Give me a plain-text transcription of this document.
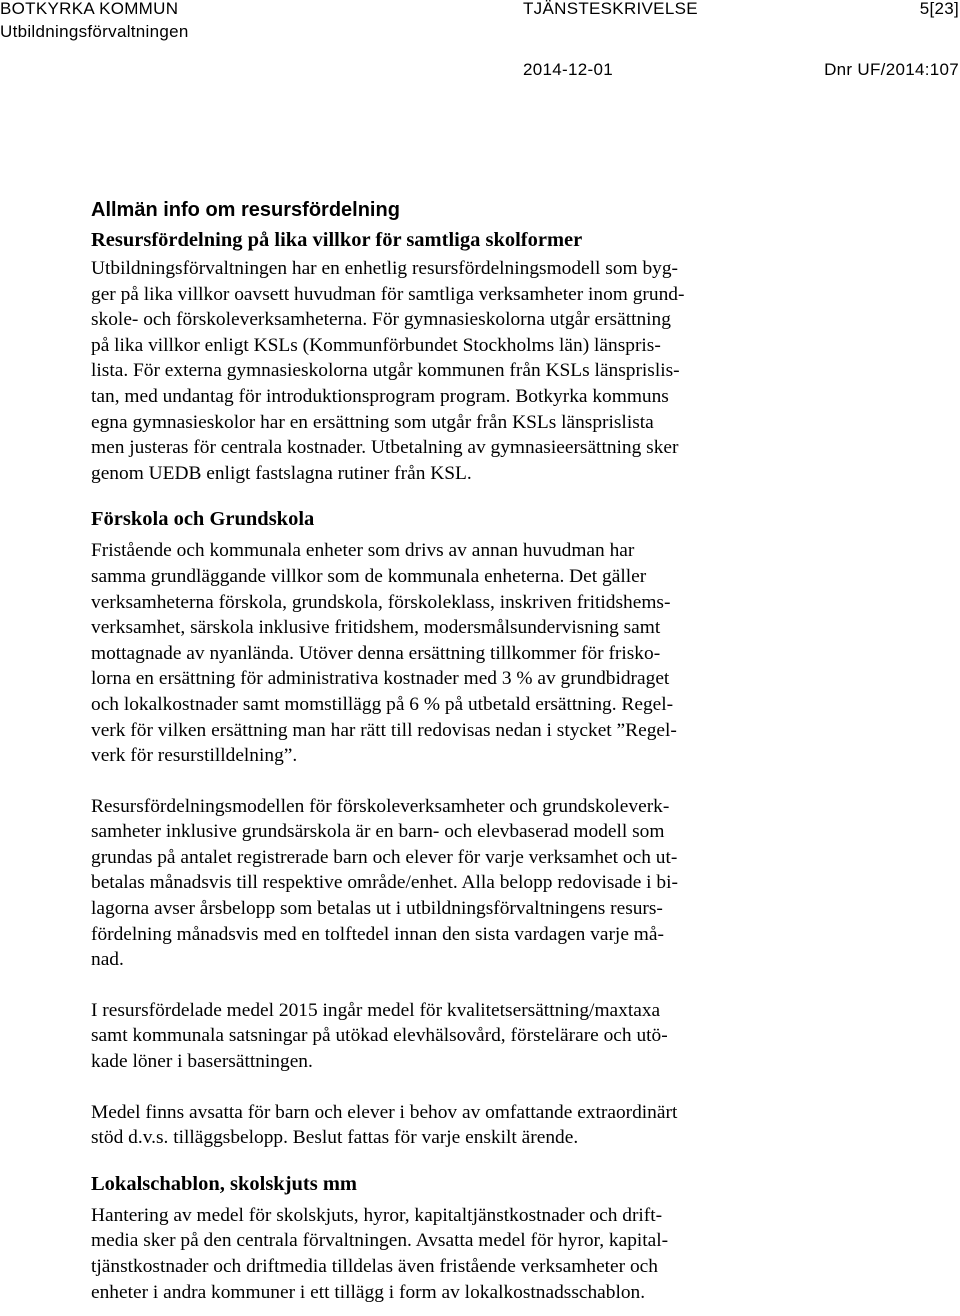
BOTKYRKA KOMMUN
Utbildningsförvaltningen
TJÄNSTESKRIVELSE	5[23]
2014-12-01	Dnr UF/2014:107
Allmän info om resursfördelning
Resursfördelning på lika villkor för samtliga skolformer

Utbildningsförvaltningen har en enhetlig resursfördelningsmodell som byg-
ger på lika villkor oavsett huvudman för samtliga verksamheter inom grund-
skole- och förskoleverksamheterna. För gymnasieskolorna utgår ersättning
på lika villkor enligt KSLs (Kommunförbundet Stockholms län) länspris-
lista. För externa gymnasieskolorna utgår kommunen från KSLs länsprislis-
tan, med undantag för introduktionsprogram program. Botkyrka kommuns
egna gymnasieskolor har en ersättning som utgår från KSLs länsprislista
men justeras för centrala kostnader. Utbetalning av gymnasieersättning sker
genom UEDB enligt fastslagna rutiner från KSL.

Förskola och Grundskola

Fristående och kommunala enheter som drivs av annan huvudman har
samma grundläggande villkor som de kommunala enheterna. Det gäller
verksamheterna förskola, grundskola, förskoleklass, inskriven fritidshems-
verksamhet, särskola inklusive fritidshem, modersmålsundervisning samt
mottagnade av nyanlända. Utöver denna ersättning tillkommer för frisko-
lorna en ersättning för administrativa kostnader med 3 % av grundbidraget
och lokalkostnader samt momstillägg på 6 % på utbetald ersättning. Regel-
verk för vilken ersättning man har rätt till redovisas nedan i stycket ”Regel-
verk för resurstilldelning”.

Resursfördelningsmodellen för förskoleverksamheter och grundskoleverk-
samheter inklusive grundsärskola är en barn- och elevbaserad modell som
grundas på antalet registrerade barn och elever för varje verksamhet och ut-
betalas månadsvis till respektive område/enhet. Alla belopp redovisade i bi-
lagorna avser årsbelopp som betalas ut i utbildningsförvaltningens resurs-
fördelning månadsvis med en tolftedel innan den sista vardagen varje må-
nad.

I resursfördelade medel 2015 ingår medel för kvalitetsersättning/maxtaxa
samt kommunala satsningar på utökad elevhälsovård, förstelärare och utö-
kade löner i basersättningen.

Medel finns avsatta för barn och elever i behov av omfattande extraordinärt
stöd d.v.s. tilläggsbelopp. Beslut fattas för varje enskilt ärende.

Lokalschablon, skolskjuts mm

Hantering av medel för skolskjuts, hyror, kapitaltjänstkostnader och drift-
media sker på den centrala förvaltningen. Avsatta medel för hyror, kapital-
tjänstkostnader och driftmedia tilldelas även fristående verksamheter och
enheter i andra kommuner i ett tillägg i form av lokalkostnadsschablon.
